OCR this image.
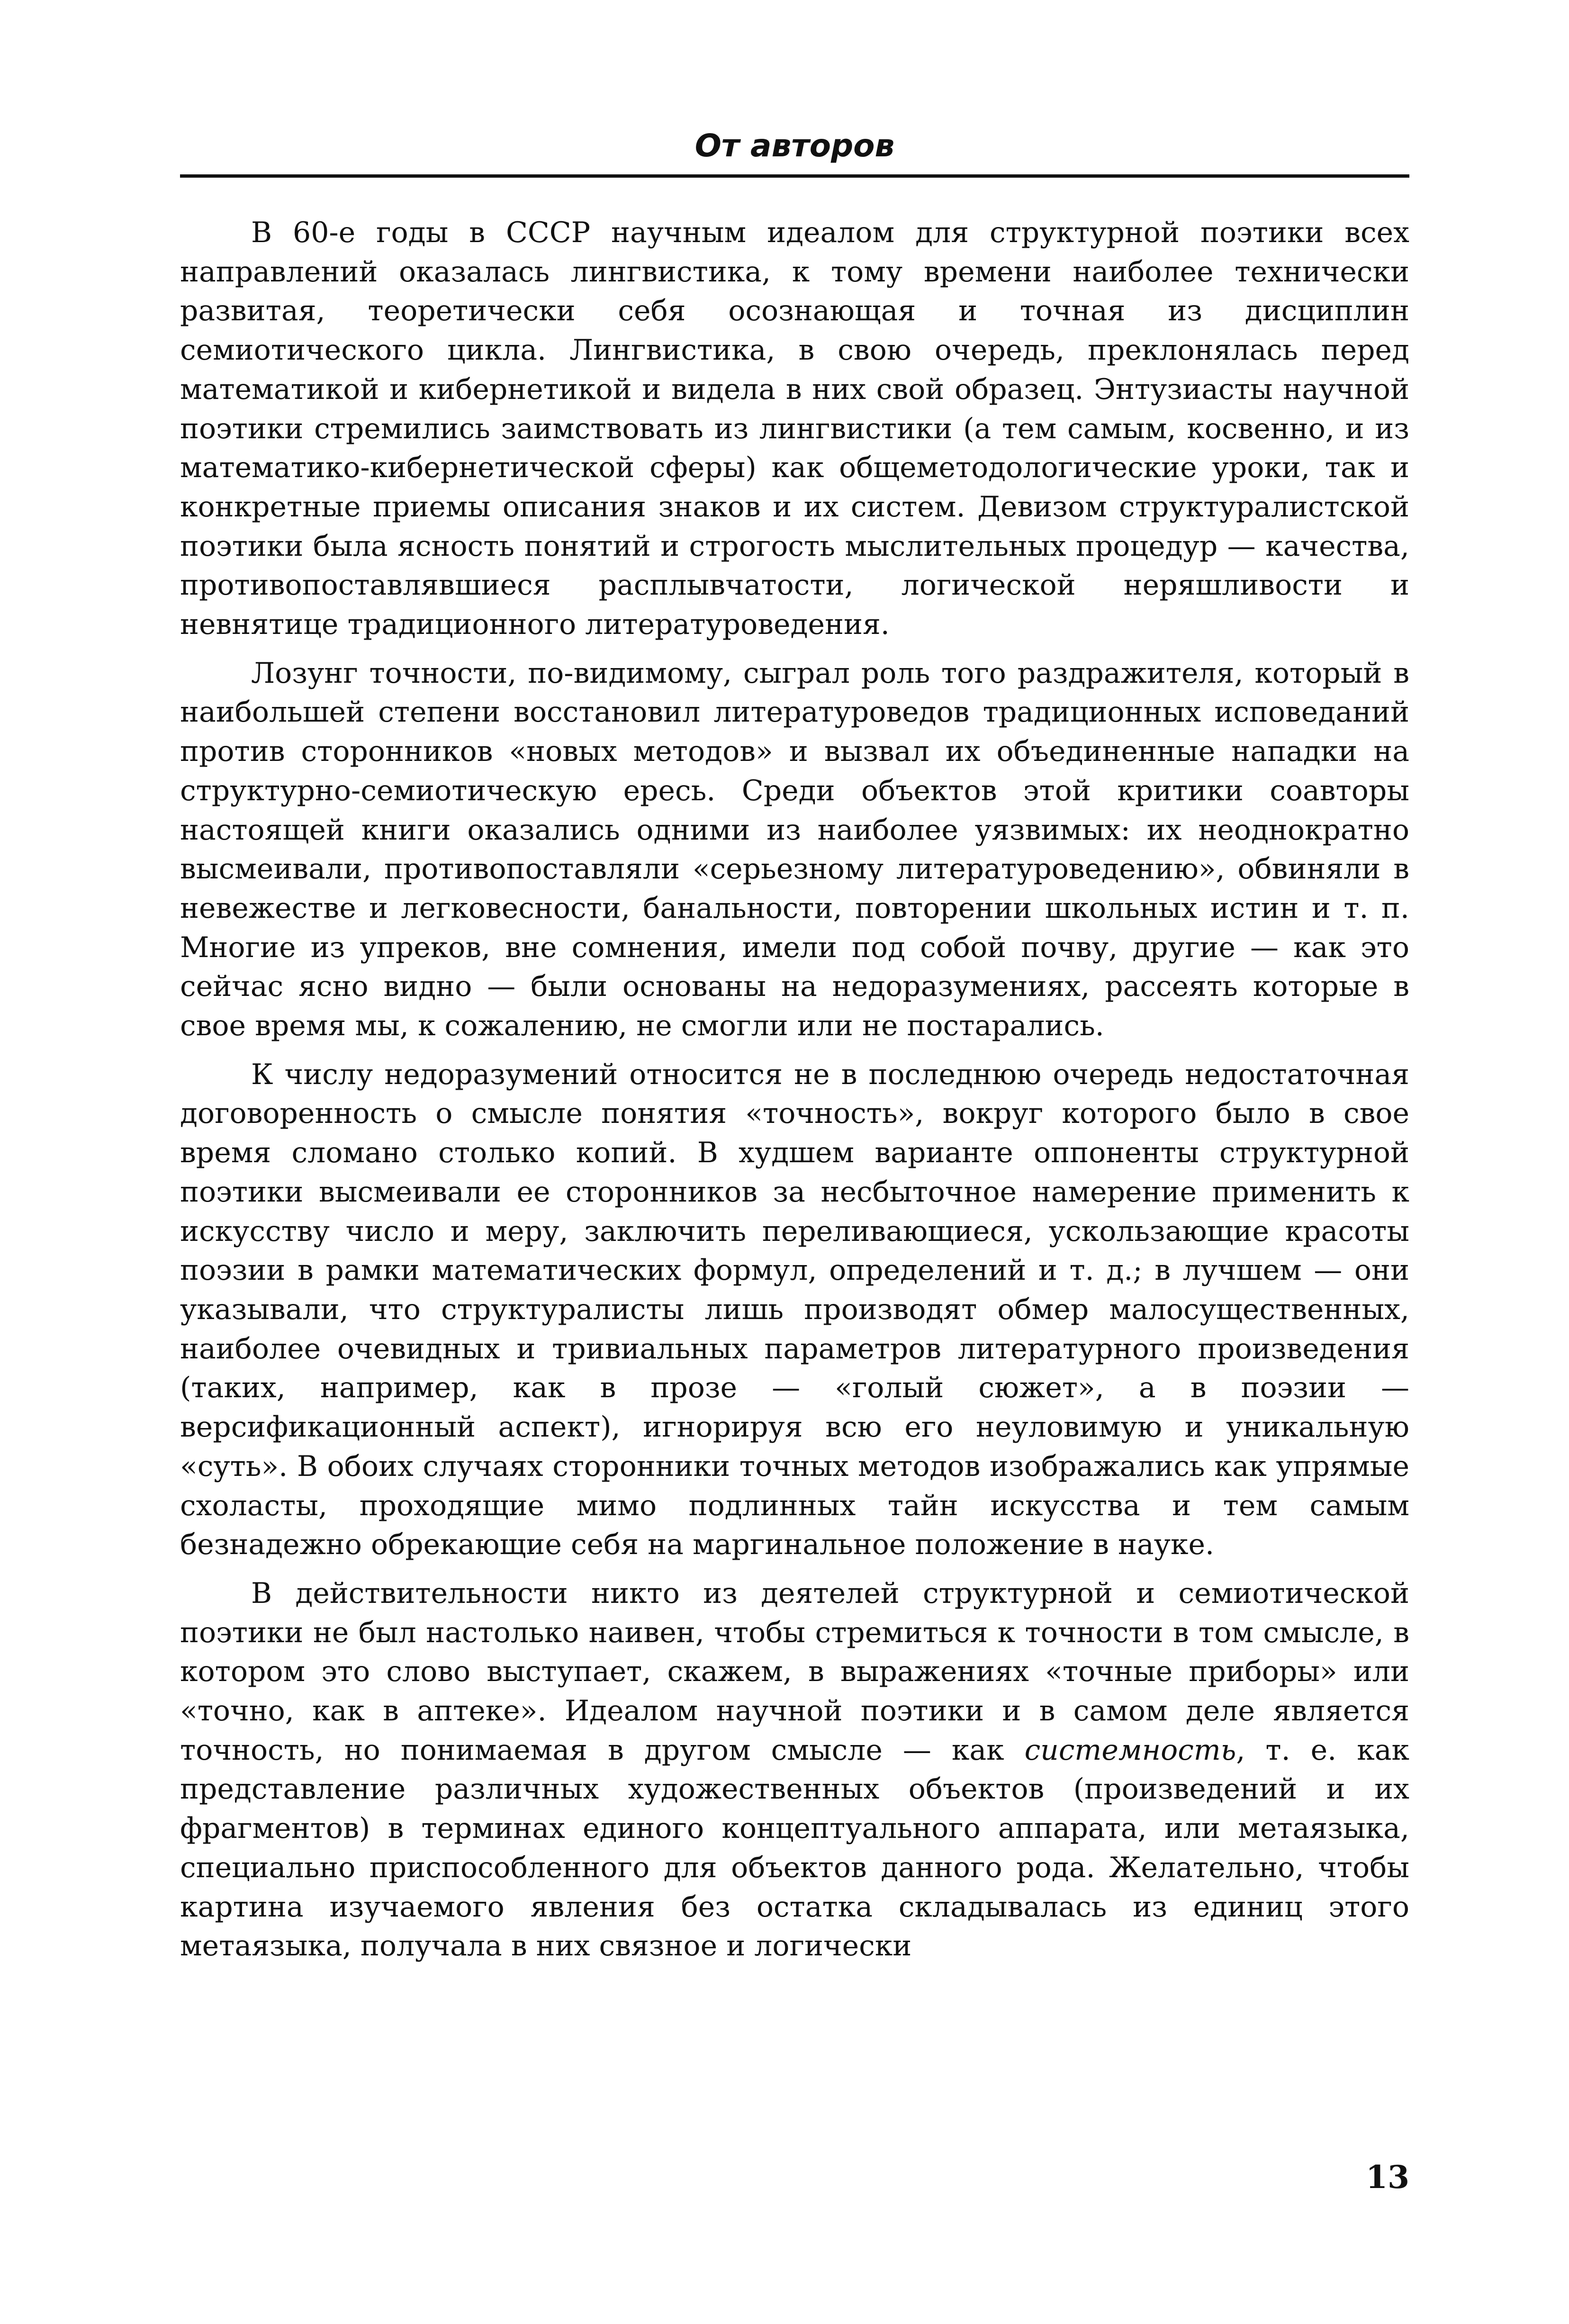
От авторов

В 60-е годы в СССР научным идеалом для структурной поэтики всех направлений оказалась лингвистика, к тому времени наиболее технически развитая, теоретически себя осознающая и точная из дисциплин семиотического цикла. Лингвистика, в свою очередь, преклонялась перед математикой и кибернетикой и видела в них свой образец. Энтузиасты научной поэтики стремились заимствовать из лингвистики (а тем самым, косвенно, и из математико-кибернетической сферы) как общеметодологические уроки, так и конкретные приемы описания знаков и их систем. Девизом структуралистской поэтики была ясность понятий и строгость мыслительных процедур — качества, противопоставлявшиеся расплывчатости, логической неряшливости и невнятице традиционного литературоведения.

Лозунг точности, по-видимому, сыграл роль того раздражителя, который в наибольшей степени восстановил литературоведов традиционных исповеданий против сторонников «новых методов» и вызвал их объединенные нападки на структурно-семиотическую ересь. Среди объектов этой критики соавторы настоящей книги оказались одними из наиболее уязвимых: их неоднократно высмеивали, противопоставляли «серьезному литературоведению», обвиняли в невежестве и легковесности, банальности, повторении школьных истин и т. п. Многие из упреков, вне сомнения, имели под собой почву, другие — как это сейчас ясно видно — были основаны на недоразумениях, рассеять которые в свое время мы, к сожалению, не смогли или не постарались.

К числу недоразумений относится не в последнюю очередь недостаточная договоренность о смысле понятия «точность», вокруг которого было в свое время сломано столько копий. В худшем варианте оппоненты структурной поэтики высмеивали ее сторонников за несбыточное намерение применить к искусству число и меру, заключить переливающиеся, ускользающие красоты поэзии в рамки математических формул, определений и т. д.; в лучшем — они указывали, что структуралисты лишь производят обмер малосущественных, наиболее очевидных и тривиальных параметров литературного произведения (таких, например, как в прозе — «голый сюжет», а в поэзии — версификационный аспект), игнорируя всю его неуловимую и уникальную «суть». В обоих случаях сторонники точных методов изображались как упрямые схоласты, проходящие мимо подлинных тайн искусства и тем самым безнадежно обрекающие себя на маргинальное положение в науке.

В действительности никто из деятелей структурной и семиотической поэтики не был настолько наивен, чтобы стремиться к точности в том смысле, в котором это слово выступает, скажем, в выражениях «точные приборы» или «точно, как в аптеке». Идеалом научной поэтики и в самом деле является точность, но понимаемая в другом смысле — как системность, т. е. как представление различных художественных объектов (произведений и их фрагментов) в терминах единого концептуального аппарата, или метаязыка, специально приспособленного для объектов данного рода. Желательно, чтобы картина изучаемого явления без остатка складывалась из единиц этого метаязыка, получала в них связное и логически

13
